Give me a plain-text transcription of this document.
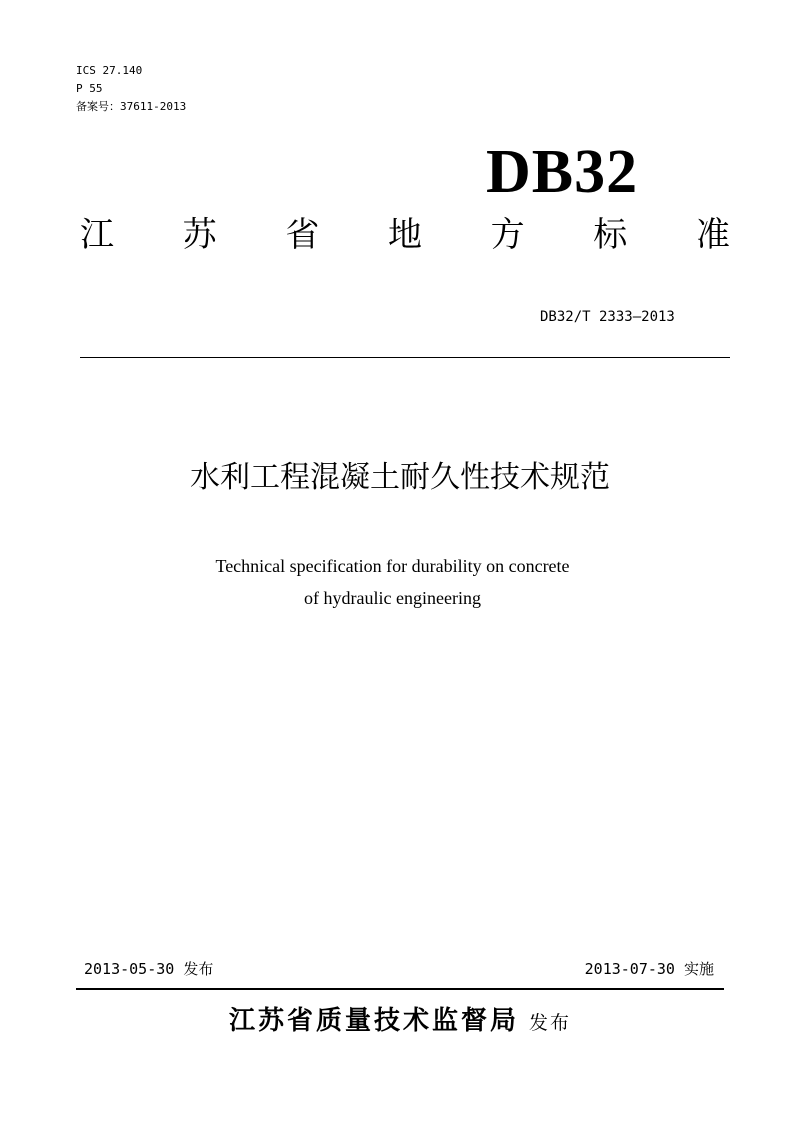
ICS 27.140
P 55
备案号：37611-2013
DB32
江 苏 省 地 方 标 准
DB32/T 2333—2013
水利工程混凝土耐久性技术规范
Technical specification for durability on concrete
of hydraulic engineering
2013-05-30 发布	2013-07-30 实施
江苏省质量技术监督局 发布
